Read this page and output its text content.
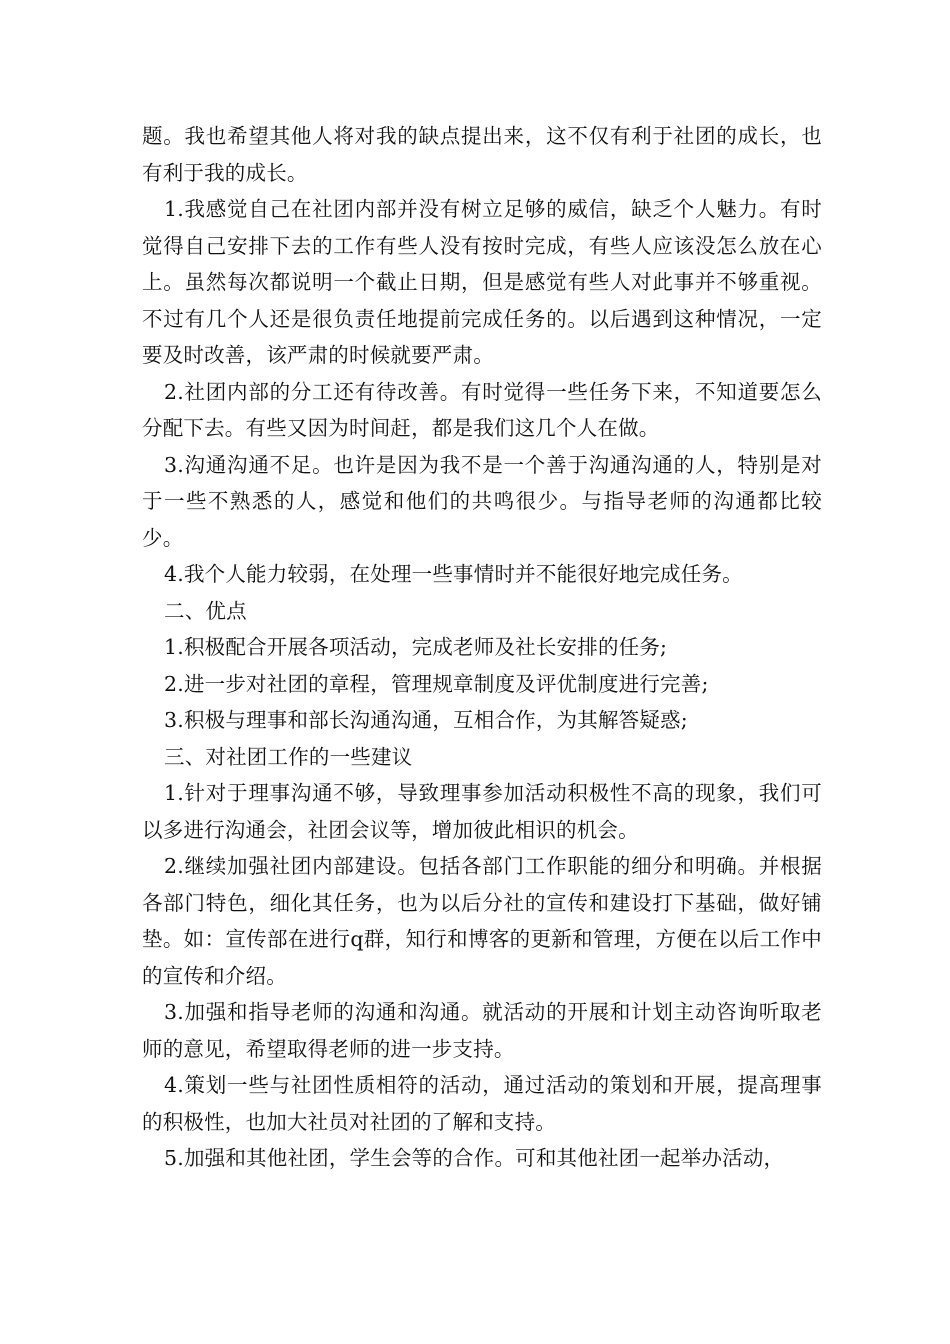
题。我也希望其他人将对我的缺点提出来，这不仅有利于社团的成长，也有利于我的成长。

1.我感觉自己在社团内部并没有树立足够的威信，缺乏个人魅力。有时觉得自己安排下去的工作有些人没有按时完成，有些人应该没怎么放在心上。虽然每次都说明一个截止日期，但是感觉有些人对此事并不够重视。不过有几个人还是很负责任地提前完成任务的。以后遇到这种情况，一定要及时改善，该严肃的时候就要严肃。

2.社团内部的分工还有待改善。有时觉得一些任务下来，不知道要怎么分配下去。有些又因为时间赶，都是我们这几个人在做。

3.沟通沟通不足。也许是因为我不是一个善于沟通沟通的人，特别是对于一些不熟悉的人，感觉和他们的共鸣很少。与指导老师的沟通都比较少。

4.我个人能力较弱，在处理一些事情时并不能很好地完成任务。

二、优点

1.积极配合开展各项活动，完成老师及社长安排的任务;

2.进一步对社团的章程，管理规章制度及评优制度进行完善;

3.积极与理事和部长沟通沟通，互相合作，为其解答疑惑;

三、对社团工作的一些建议

1.针对于理事沟通不够，导致理事参加活动积极性不高的现象，我们可以多进行沟通会，社团会议等，增加彼此相识的机会。

2.继续加强社团内部建设。包括各部门工作职能的细分和明确。并根据各部门特色，细化其任务，也为以后分社的宣传和建设打下基础，做好铺垫。如：宣传部在进行q群，知行和博客的更新和管理，方便在以后工作中的宣传和介绍。

3.加强和指导老师的沟通和沟通。就活动的开展和计划主动咨询听取老师的意见，希望取得老师的进一步支持。

4.策划一些与社团性质相符的活动，通过活动的策划和开展，提高理事的积极性，也加大社员对社团的了解和支持。

5.加强和其他社团，学生会等的合作。可和其他社团一起举办活动，
